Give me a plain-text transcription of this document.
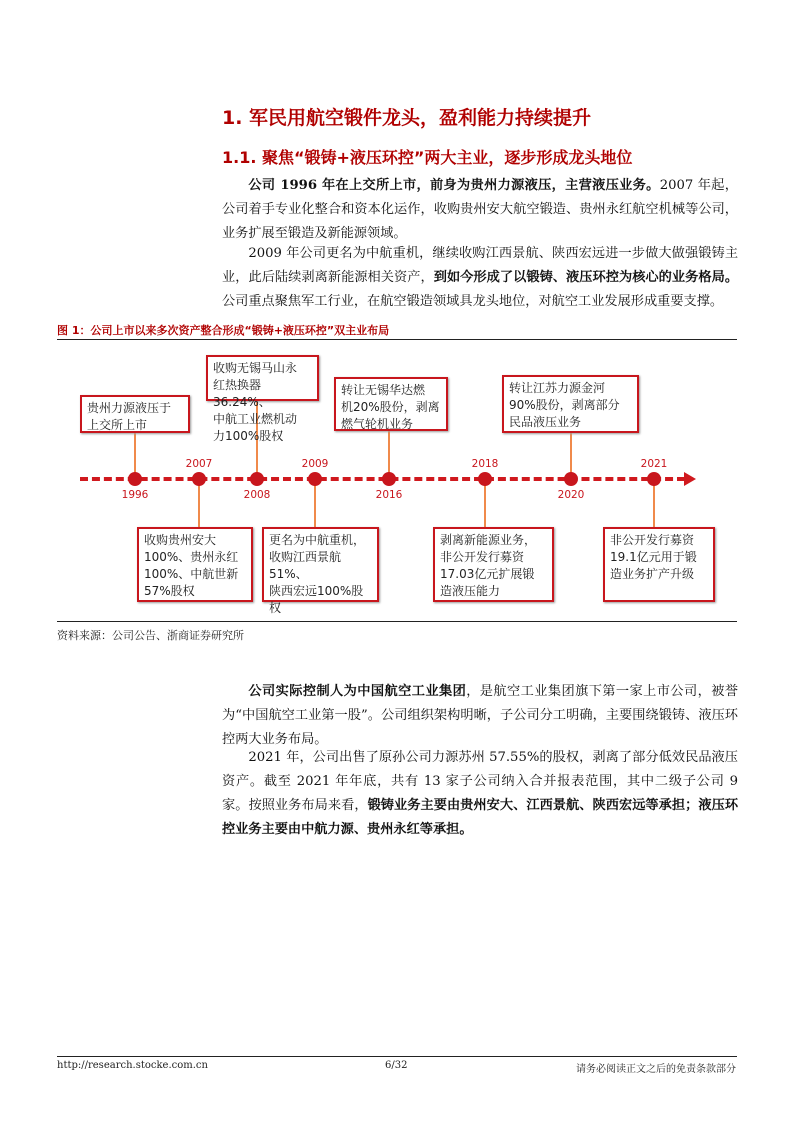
1. 军民用航空锻件龙头，盈利能力持续提升
1.1. 聚焦“锻铸+液压环控”两大主业，逐步形成龙头地位
公司 1996 年在上交所上市，前身为贵州力源液压，主营液压业务。2007 年起，公司着手专业化整合和资本化运作，收购贵州安大航空锻造、贵州永红航空机械等公司，业务扩展至锻造及新能源领域。
2009 年公司更名为中航重机，继续收购江西景航、陕西宏远进一步做大做强锻铸主业，此后陆续剥离新能源相关资产，到如今形成了以锻铸、液压环控为核心的业务格局。公司重点聚焦军工行业，在航空锻造领域具龙头地位，对航空工业发展形成重要支撑。
图 1：公司上市以来多次资产整合形成“锻铸+液压环控”双主业布局
1996
贵州力源液压于
上交所上市
2007
收购贵州安大
100%、贵州永红
100%、中航世新
57%股权
2008
收购无锡马山永
红热换器36.24%、
中航工业燃机动
力100%股权
2009
更名为中航重机，
收购江西景航51%、
陕西宏远100%股
权
2016
转让无锡华达燃
机20%股份，剥离
燃气轮机业务
2018
剥离新能源业务，
非公开发行募资
17.03亿元扩展锻
造液压能力
2020
转让江苏力源金河
90%股份，剥离部分
民品液压业务
2021
非公开发行募资
19.1亿元用于锻
造业务扩产升级
资料来源：公司公告、浙商证券研究所
公司实际控制人为中国航空工业集团，是航空工业集团旗下第一家上市公司，被誉为“中国航空工业第一股”。公司组织架构明晰，子公司分工明确，主要围绕锻铸、液压环控两大业务布局。
2021 年，公司出售了原孙公司力源苏州 57.55%的股权，剥离了部分低效民品液压资产。截至 2021 年年底，共有 13 家子公司纳入合并报表范围，其中二级子公司 9 家。按照业务布局来看，锻铸业务主要由贵州安大、江西景航、陕西宏远等承担；液压环控业务主要由中航力源、贵州永红等承担。
http://research.stocke.com.cn	6/32	请务必阅读正文之后的免责条款部分
